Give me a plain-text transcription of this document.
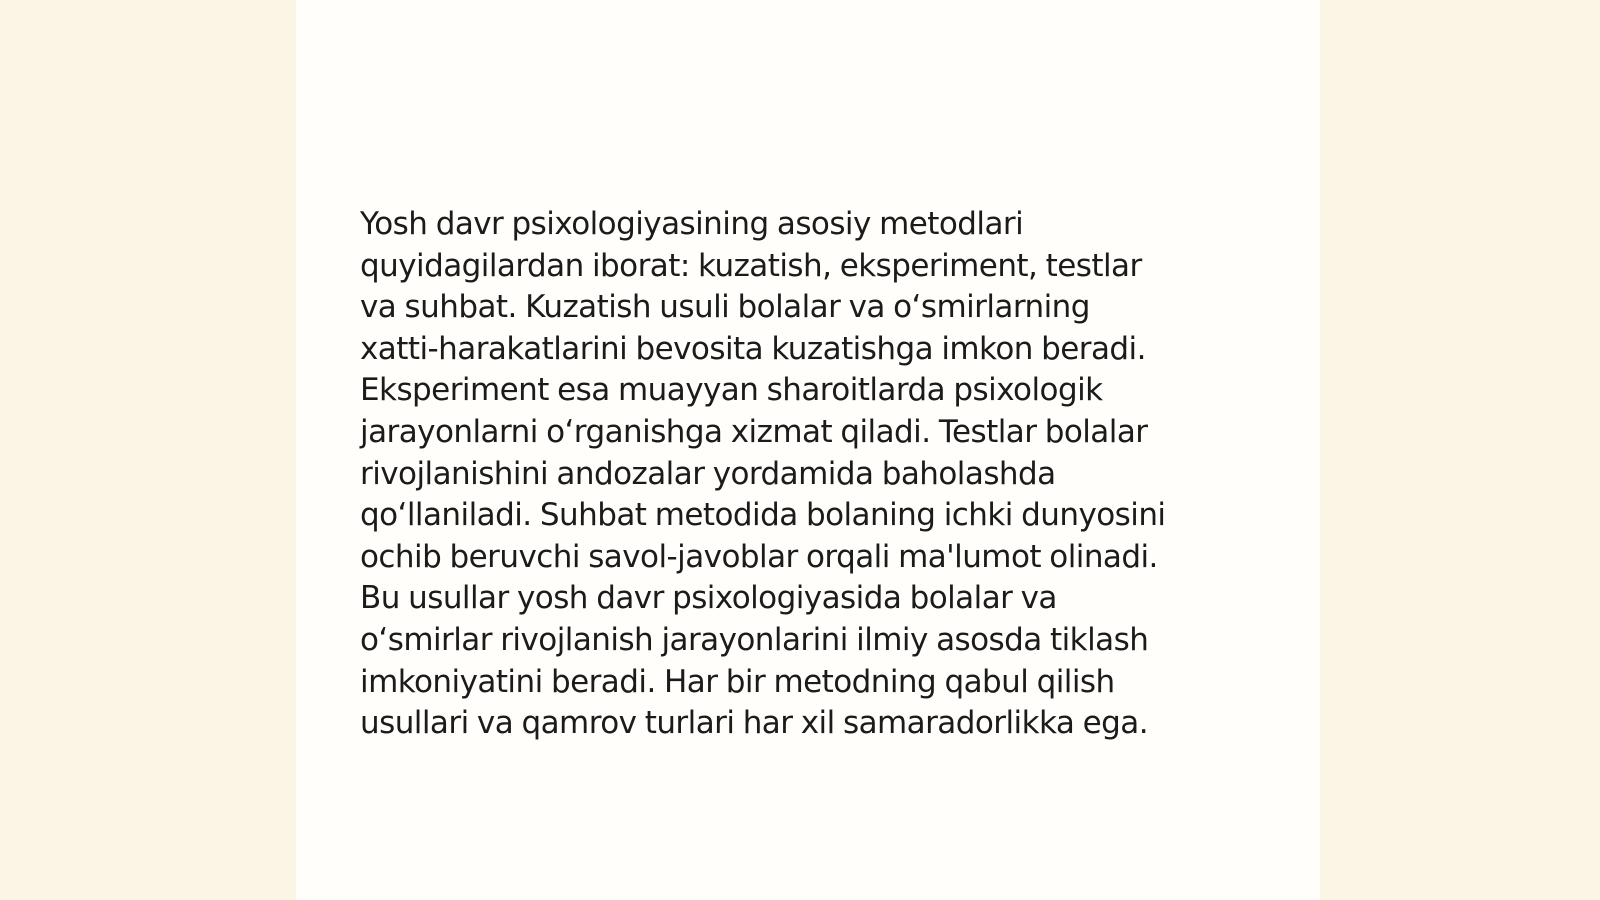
Yosh davr psixologiyasining asosiy metodlari
quyidagilardan iborat: kuzatish, eksperiment, testlar
va suhbat. Kuzatish usuli bolalar va o‘smirlarning
xatti-harakatlarini bevosita kuzatishga imkon beradi.
Eksperiment esa muayyan sharoitlarda psixologik
jarayonlarni o‘rganishga xizmat qiladi. Testlar bolalar
rivojlanishini andozalar yordamida baholashda
qo‘llaniladi. Suhbat metodida bolaning ichki dunyosini
ochib beruvchi savol-javoblar orqali ma'lumot olinadi.
Bu usullar yosh davr psixologiyasida bolalar va
o‘smirlar rivojlanish jarayonlarini ilmiy asosda tiklash
imkoniyatini beradi. Har bir metodning qabul qilish
usullari va qamrov turlari har xil samaradorlikka ega.
